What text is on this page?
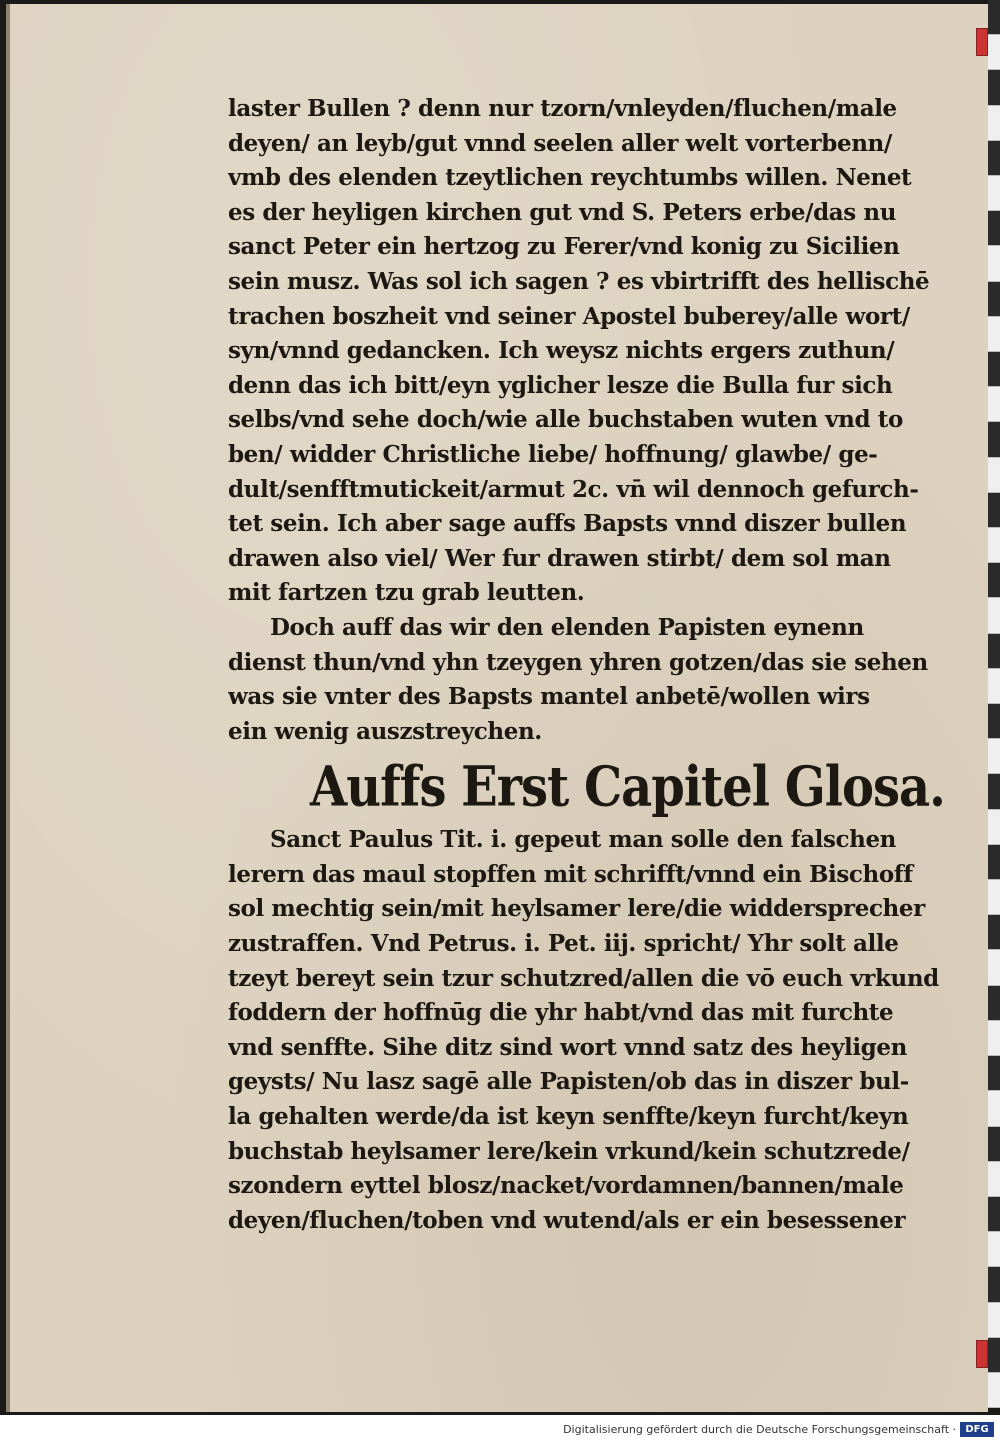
laster Bullen ? denn nur tzorn/vnleyden/fluchen/male
deyen/ an leyb/gut vnnd seelen aller welt vorterbenn/
vmb des elenden tzeytlichen reychtumbs willen. Nenet
es der heyligen kirchen gut vnd S. Peters erbe/das nu
sanct Peter ein hertzog zu Ferer/vnd konig zu Sicilien
sein musz. Was sol ich sagen ? es vbirtrifft des hellischē
trachen boszheit vnd seiner Apostel buberey/alle wort/
syn/vnnd gedancken. Ich weysz nichts ergers zuthun/
denn das ich bitt/eyn yglicher lesze die Bulla fur sich
selbs/vnd sehe doch/wie alle buchstaben wuten vnd to
ben/ widder Christliche liebe/ hoffnung/ glawbe/ ge-
dult/senfftmutickeit/armut 2c. vn̄ wil dennoch gefurch-
tet sein. Ich aber sage auffs Bapsts vnnd diszer bullen
drawen also viel/ Wer fur drawen stirbt/ dem sol man
mit fartzen tzu grab leutten.
Doch auff das wir den elenden Papisten eynenn
dienst thun/vnd yhn tzeygen yhren gotzen/das sie sehen
was sie vnter des Bapsts mantel anbetē/wollen wirs
ein wenig auszstreychen.
Auffs Erst Capitel Glosa.
Sanct Paulus Tit. i. gepeut man solle den falschen
lerern das maul stopffen mit schrifft/vnnd ein Bischoff
sol mechtig sein/mit heylsamer lere/die widdersprecher
zustraffen. Vnd Petrus. i. Pet. iij. spricht/ Yhr solt alle
tzeyt bereyt sein tzur schutzred/allen die vō euch vrkund
foddern der hoffnūg die yhr habt/vnd das mit furchte
vnd senffte. Sihe ditz sind wort vnnd satz des heyligen
geysts/ Nu lasz sagē alle Papisten/ob das in diszer bul-
la gehalten werde/da ist keyn senffte/keyn furcht/keyn
buchstab heylsamer lere/kein vrkund/kein schutzrede/
szondern eyttel blosz/nacket/vordamnen/bannen/male
deyen/fluchen/toben vnd wutend/als er ein besessener
Digitalisierung gefördert durch die Deutsche Forschungsgemeinschaft · DFG
